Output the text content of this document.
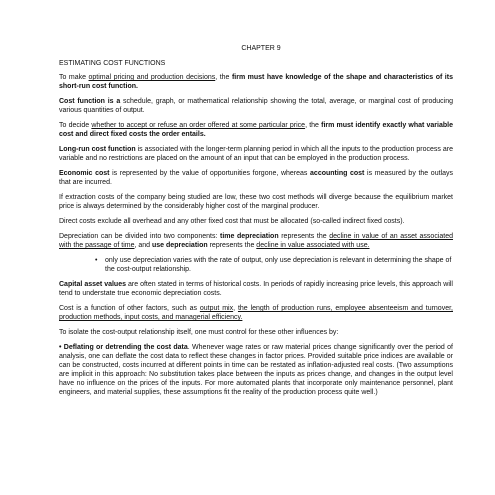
CHAPTER 9
ESTIMATING COST FUNCTIONS

To make optimal pricing and production decisions, the firm must have knowledge of the shape and characteristics of its short-run cost function.

Cost function is a schedule, graph, or mathematical relationship showing the total, average, or marginal cost of producing various quantities of output.

To decide whether to accept or refuse an order offered at some particular price, the firm must identify exactly what variable cost and direct fixed costs the order entails.

Long-run cost function is associated with the longer-term planning period in which all the inputs to the production process are variable and no restrictions are placed on the amount of an input that can be employed in the production process.

Economic cost is represented by the value of opportunities forgone, whereas accounting cost is measured by the outlays that are incurred.

If extraction costs of the company being studied are low, these two cost methods will diverge because the equilibrium market price is always determined by the considerably higher cost of the marginal producer.

Direct costs exclude all overhead and any other fixed cost that must be allocated (so-called indirect fixed costs).

Depreciation can be divided into two components: time depreciation represents the decline in value of an asset associated with the passage of time, and use depreciation represents the decline in value associated with use.

• only use depreciation varies with the rate of output, only use depreciation is relevant in determining the shape of the cost-output relationship.

Capital asset values are often stated in terms of historical costs. In periods of rapidly increasing price levels, this approach will tend to understate true economic depreciation costs.

Cost is a function of other factors, such as output mix, the length of production runs, employee absenteeism and turnover, production methods, input costs, and managerial efficiency.

To isolate the cost-output relationship itself, one must control for these other influences by:

• Deflating or detrending the cost data. Whenever wage rates or raw material prices change significantly over the period of analysis, one can deflate the cost data to reflect these changes in factor prices. Provided suitable price indices are available or can be constructed, costs incurred at different points in time can be restated as inflation-adjusted real costs. (Two assumptions are implicit in this approach: No substitution takes place between the inputs as prices change, and changes in the output level have no influence on the prices of the inputs. For more automated plants that incorporate only maintenance personnel, plant engineers, and material supplies, these assumptions fit the reality of the production process quite well.)
